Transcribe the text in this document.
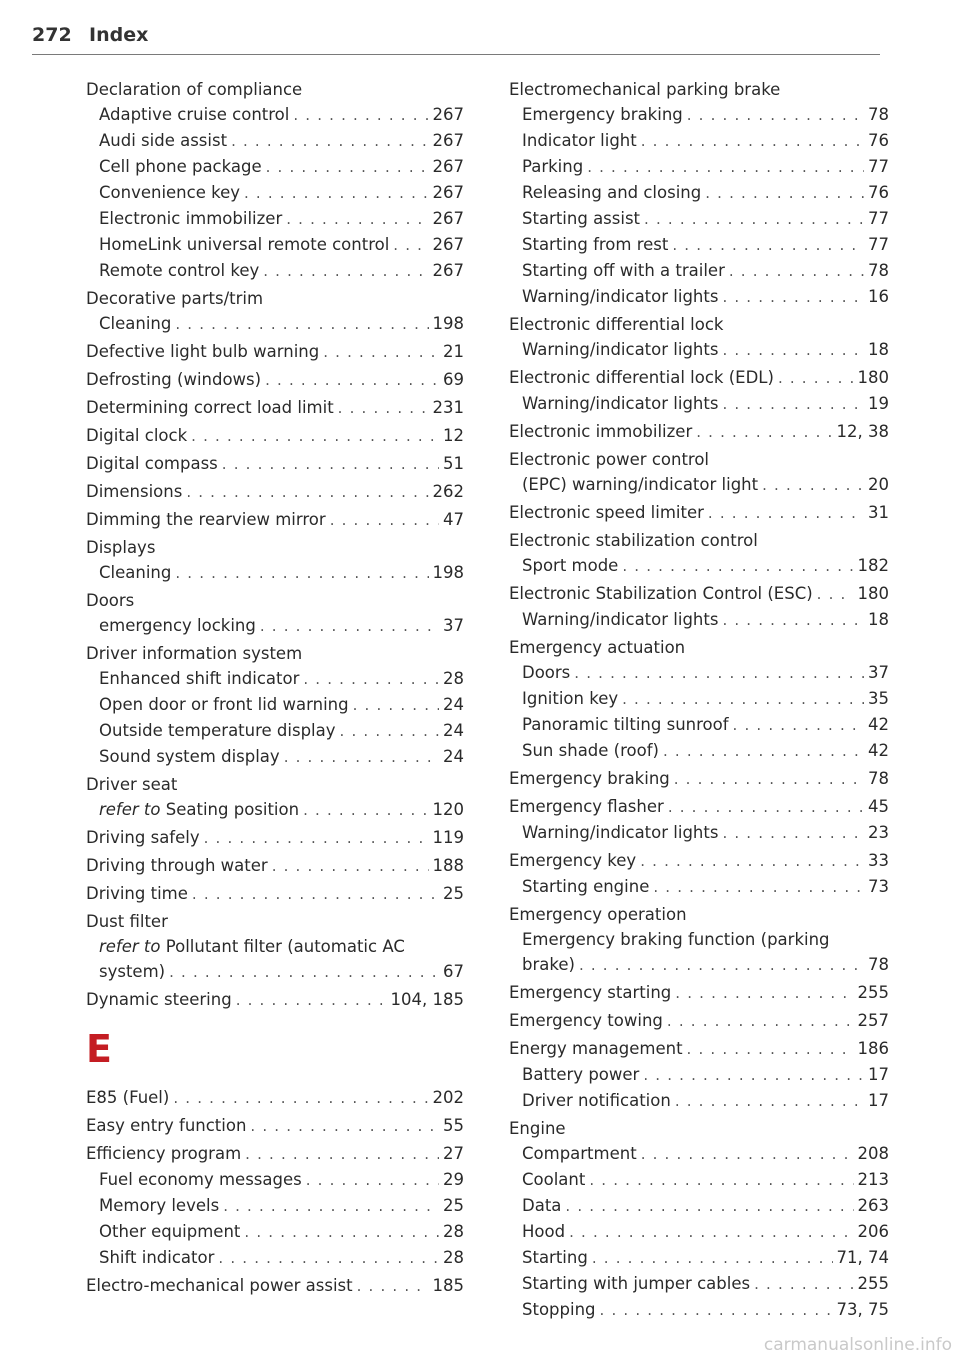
272 Index
Declaration of compliance
Adaptive cruise control . . .	267
Audi side assist . . .	267
Cell phone package . . .	267
Convenience key . . .	267
Electronic immobilizer . . .	267
HomeLink universal remote control . . .	267
Remote control key . . .	267
Decorative parts/trim
Cleaning . . .	198
Defective light bulb warning . . .	21
Defrosting (windows) . . .	69
Determining correct load limit . . .	231
Digital clock . . .	12
Digital compass . . .	51
Dimensions . . .	262
Dimming the rearview mirror . . .	47
Displays
Cleaning . . .	198
Doors
emergency locking . . .	37
Driver information system
Enhanced shift indicator . . .	28
Open door or front lid warning . . .	24
Outside temperature display . . .	24
Sound system display . . .	24
Driver seat
refer to Seating position . . .	120
Driving safely . . .	119
Driving through water . . .	188
Driving time . . .	25
Dust filter
refer to Pollutant filter (automatic AC
system) . . .	67
Dynamic steering . . .	104, 185
E
E85 (Fuel) . . .	202
Easy entry function . . .	55
Efficiency program . . .	27
Fuel economy messages . . .	29
Memory levels . . .	25
Other equipment . . .	28
Shift indicator . . .	28
Electro-mechanical power assist . . .	185
Electromechanical parking brake
Emergency braking . . .	78
Indicator light . . .	76
Parking . . .	77
Releasing and closing . . .	76
Starting assist . . .	77
Starting from rest . . .	77
Starting off with a trailer . . .	78
Warning/indicator lights . . .	16
Electronic differential lock
Warning/indicator lights . . .	18
Electronic differential lock (EDL) . . .	180
Warning/indicator lights . . .	19
Electronic immobilizer . . .	12, 38
Electronic power control
(EPC) warning/indicator light . . .	20
Electronic speed limiter . . .	31
Electronic stabilization control
Sport mode . . .	182
Electronic Stabilization Control (ESC) . . .	180
Warning/indicator lights . . .	18
Emergency actuation
Doors . . .	37
Ignition key . . .	35
Panoramic tilting sunroof . . .	42
Sun shade (roof) . . .	42
Emergency braking . . .	78
Emergency flasher . . .	45
Warning/indicator lights . . .	23
Emergency key . . .	33
Starting engine . . .	73
Emergency operation
Emergency braking function (parking
brake) . . .	78
Emergency starting . . .	255
Emergency towing . . .	257
Energy management . . .	186
Battery power . . .	17
Driver notification . . .	17
Engine
Compartment . . .	208
Coolant . . .	213
Data . . .	263
Hood . . .	206
Starting . . .	71, 74
Starting with jumper cables . . .	255
Stopping . . .	73, 75
carmanualsonline.info
